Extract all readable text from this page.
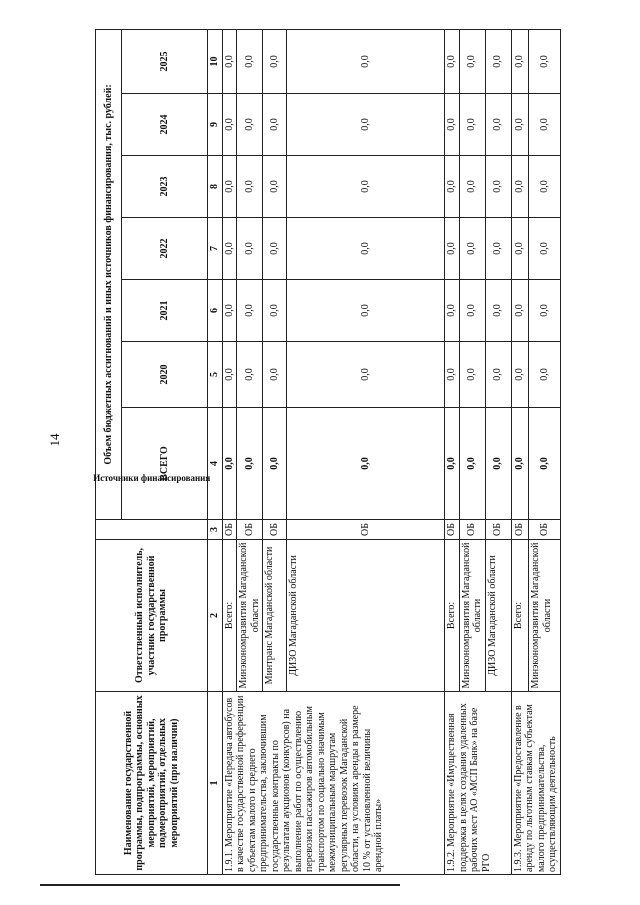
14
Наименование государственной программы, подпрограммы, основных мероприятий, мероприятий, подмероприятий, отдельных мероприятий (при наличии)	Ответственный исполнитель, участник государственной программы	Источники финансирования	Объем бюджетных ассигнований и иных источников финансирования, тыс. рублей:						
			ВСЕГО	2020	2021	2022	2023	2024	2025
1	2	3	4	5	6	7	8	9	10
1.9.1. Мероприятие «Передача автобусов в качестве государственной преференции субъектам малого и среднего предпринимательства, заключившим государственные контракты по результатам аукционов (конкурсов) на выполнение работ по осуществлению перевозки пассажиров автомобильным транспортом по социально значимым межмуниципальным маршрутам регулярных перевозок Магаданской области, на условиях аренды в размере 10 % от установленной величины арендной платы»	Всего:	ОБ	0,0	0,0	0,0	0,0	0,0	0,0	0,0
	Минэкономразвития Магаданской области	ОБ	0,0	0,0	0,0	0,0	0,0	0,0	0,0
	Минтранс Магаданской области	ОБ	0,0	0,0	0,0	0,0	0,0	0,0	0,0
	ДИЗО Магаданской области	ОБ	0,0	0,0	0,0	0,0	0,0	0,0	0,0
1.9.2. Мероприятие «Имущественная поддержка в целях создания удаленных рабочих мест АО «МСП Банк» на базе РГО	Всего:	ОБ	0,0	0,0	0,0	0,0	0,0	0,0	0,0
	Минэкономразвития Магаданской области	ОБ	0,0	0,0	0,0	0,0	0,0	0,0	0,0
	ДИЗО Магаданской области	ОБ	0,0	0,0	0,0	0,0	0,0	0,0	0,0
1.9.3. Мероприятие «Предоставление в аренду по льготным ставкам субъектам малого предпринимательства, осуществляющим деятельность	Всего:	ОБ	0,0	0,0	0,0	0,0	0,0	0,0	0,0
	Минэкономразвития Магаданской области	ОБ	0,0	0,0	0,0	0,0	0,0	0,0	0,0
